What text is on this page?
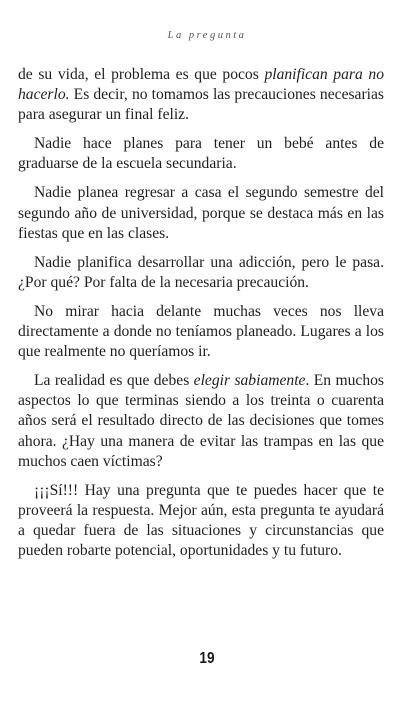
La pregunta

de su vida, el problema es que pocos planifican para no hacerlo. Es decir, no tomamos las precauciones necesarias para asegurar un final feliz.

Nadie hace planes para tener un bebé antes de graduarse de la escuela secundaria.

Nadie planea regresar a casa el segundo semestre del segundo año de universidad, porque se destaca más en las fiestas que en las clases.

Nadie planifica desarrollar una adicción, pero le pasa. ¿Por qué? Por falta de la necesaria precaución.

No mirar hacia delante muchas veces nos lleva directamente a donde no teníamos planeado. Lugares a los que realmente no queríamos ir.

La realidad es que debes elegir sabiamente. En muchos aspectos lo que terminas siendo a los treinta o cuarenta años será el resultado directo de las decisiones que tomes ahora. ¿Hay una manera de evitar las trampas en las que muchos caen víctimas?

¡¡¡Sí!!! Hay una pregunta que te puedes hacer que te proveerá la respuesta. Mejor aún, esta pregunta te ayudará a quedar fuera de las situaciones y circunstancias que pueden robarte potencial, oportunidades y tu futuro.

19
